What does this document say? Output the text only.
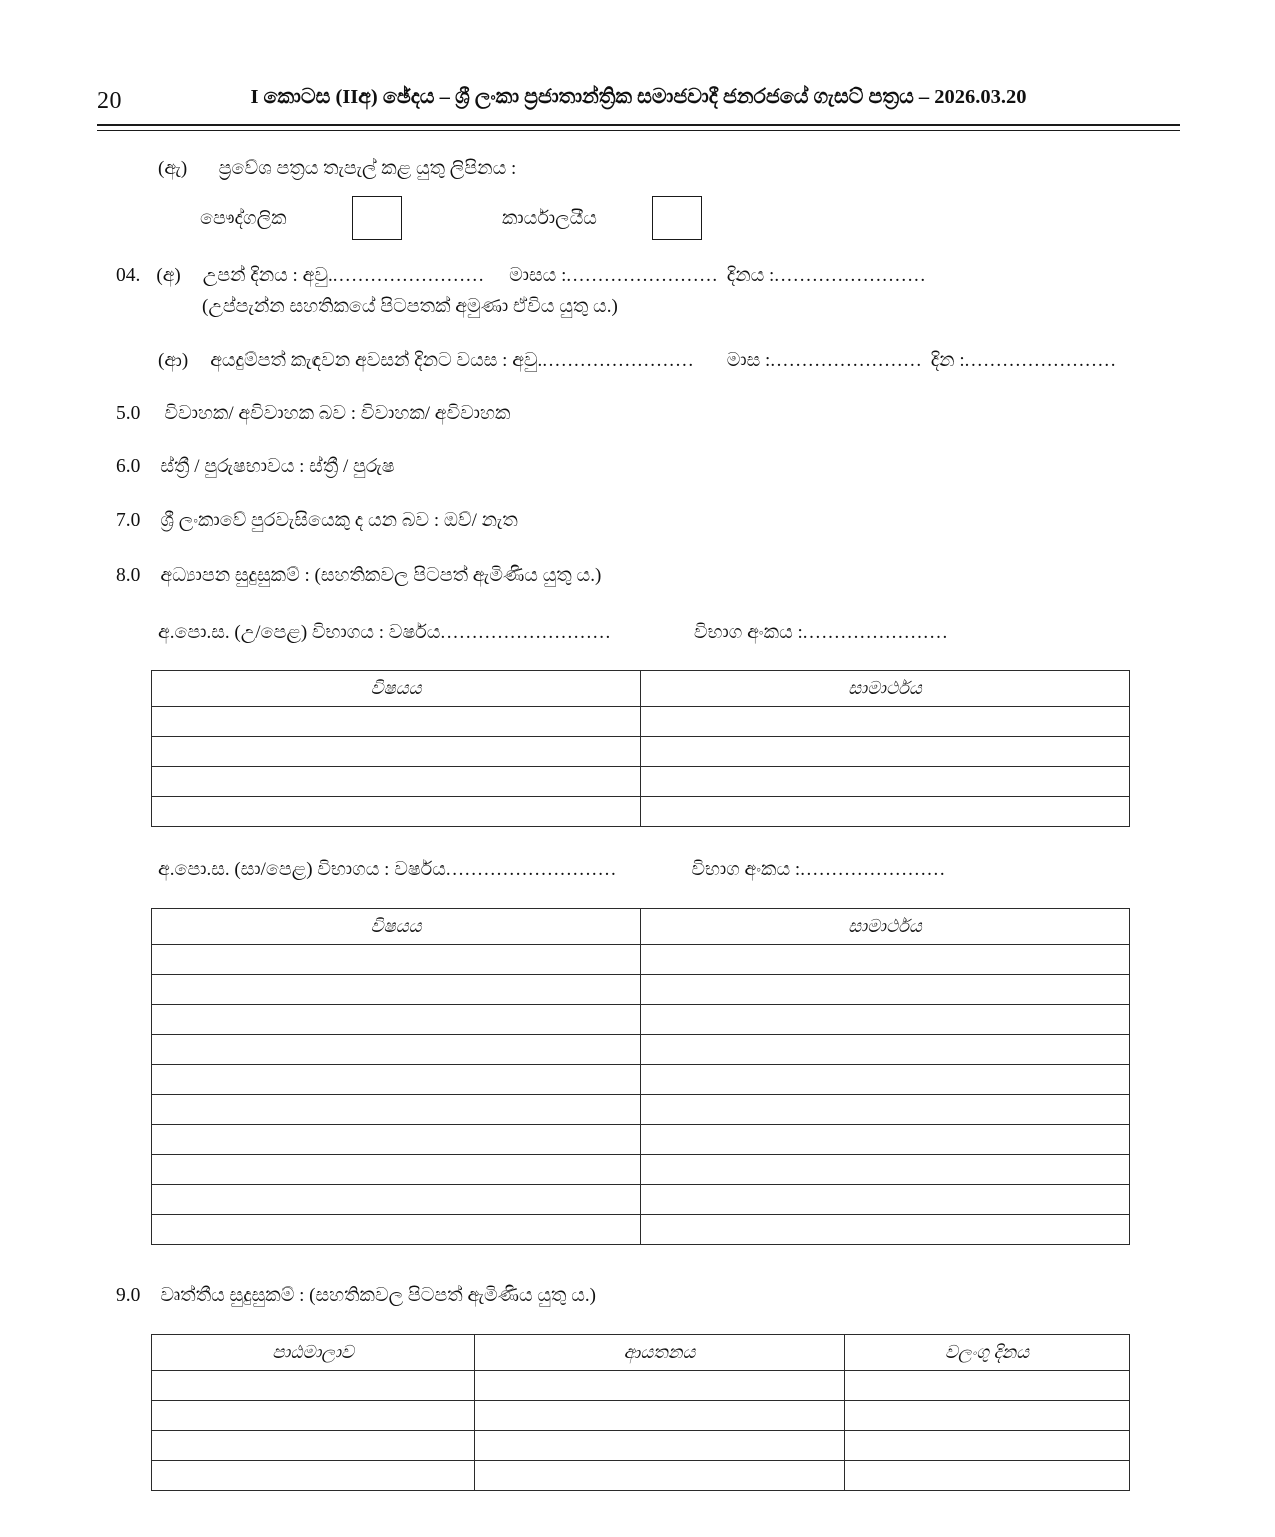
20	I කොටස (IIඅ) ඡේදය – ශ්‍රී ලංකා ප්‍රජාතාන්ත්‍රික සමාජවාදී ජනරජයේ ගැසට් පත්‍රය – 2026.03.20
(ඇ) ප්‍රවේශ පත්‍රය තැපැල් කළ යුතු ලිපිනය :
පෞද්ගලික	කාර්යාලයීය
04. (අ) උපන් දිනය : අවු. ........................ මාසය : ........................ දිනය : ........................
(උප්පැන්න සහතිකයේ පිටපතක් අමුණා ඒවිය යුතු ය.)
(ආ) අයදුම්පත් කැඳවන අවසන් දිනට වයස : අවු. ........................ මාස : ........................ දින : ........................
5.0 විවාහක/ අවිවාහක බව : විවාහක/ අවිවාහක
6.0 ස්ත්‍රී / පුරුෂභාවය : ස්ත්‍රී / පුරුෂ
7.0 ශ්‍රී ලංකාවේ පුරවැසියෙකු ද යන බව : ඔව්/ නැත
8.0 අධ්‍යාපන සුදුසුකම් : (සහතිකවල පිටපත් ඇමිණිය යුතු ය.)
අ.පො.ස. (උ/පෙළ) විභාගය : වර්ෂය ...........................	විභාග අංකය : .......................
විෂයය	සාමාර්ථය

අ.පො.ස. (සා/පෙළ) විභාගය : වර්ෂය ...........................	විභාග අංකය : .......................
විෂයය	සාමාර්ථය

9.0 වෘත්තීය සුදුසුකම් : (සහතිකවල පිටපත් ඇමිණිය යුතු ය.)
පාඨමාලාව	ආයතනය	වලංගු දිනය
